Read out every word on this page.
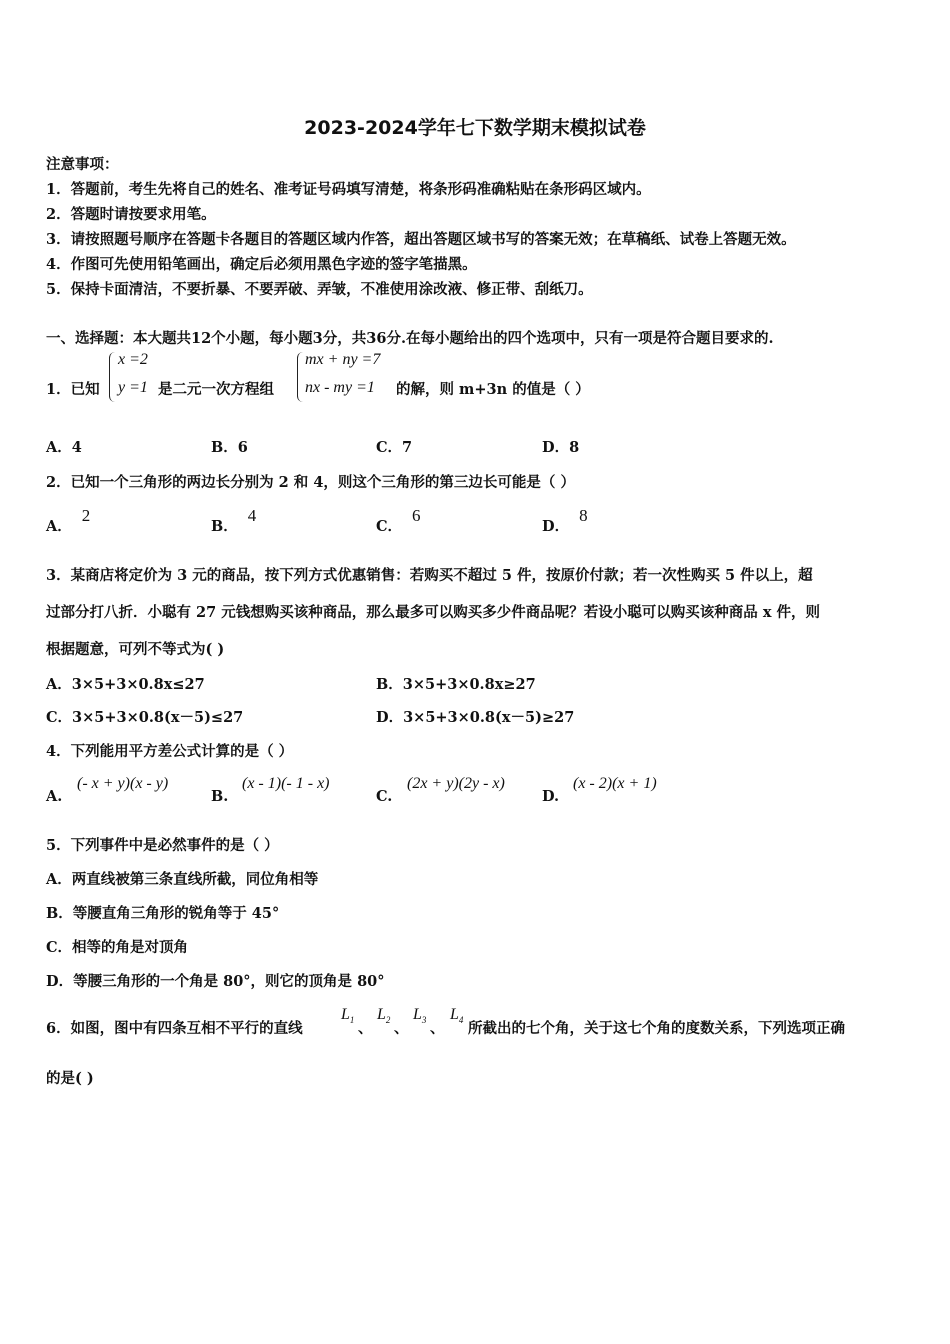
2023-2024学年七下数学期末模拟试卷
注意事项：
1．答题前，考生先将自己的姓名、准考证号码填写清楚，将条形码准确粘贴在条形码区域内。
2．答题时请按要求用笔。
3．请按照题号顺序在答题卡各题目的答题区域内作答，超出答题区域书写的答案无效；在草稿纸、试卷上答题无效。
4．作图可先使用铅笔画出，确定后必须用黑色字迹的签字笔描黑。
5．保持卡面清洁，不要折暴、不要弄破、弄皱，不准使用涂改液、修正带、刮纸刀。
一、选择题：本大题共12个小题，每小题3分，共36分.在每小题给出的四个选项中，只有一项是符合题目要求的.
1．已知
x =2
y =1 是二元一次方程组
mx + ny =7
nx - my =1 的解，则 m+3n 的值是（ ）
A．4	B．6	C．7	D．8
2．已知一个三角形的两边长分别为 2 和 4，则这个三角形的第三边长可能是（ ）
A．2
B．4
C．6
D．8
3．某商店将定价为 3 元的商品，按下列方式优惠销售：若购买不超过 5 件，按原价付款；若一次性购买 5 件以上，超
过部分打八折．小聪有 27 元钱想购买该种商品，那么最多可以购买多少件商品呢？若设小聪可以购买该种商品 x 件，则
根据题意，可列不等式为( )
A．3×5+3×0.8x≤27	B．3×5+3×0.8x≥27
C．3×5+3×0.8(x－5)≤27	D．3×5+3×0.8(x－5)≥27
4．下列能用平方差公式计算的是（ ）
A.
(- x + y)(x - y)
B.
(x - 1)(- 1 - x)
C.
(2x + y)(2y - x)
D.
(x - 2)(x + 1)
5．下列事件中是必然事件的是（ ）
A．两直线被第三条直线所截，同位角相等
B．等腰直角三角形的锐角等于 45°
C．相等的角是对顶角
D．等腰三角形的一个角是 80°，则它的顶角是 80°
6．如图，图中有四条互相不平行的直线
$L_1$ 、
$L_2$ 、
$L_3$ 、
$L_4$ 所截出的七个角，关于这七个角的度数关系，下列选项正确
的是( )
